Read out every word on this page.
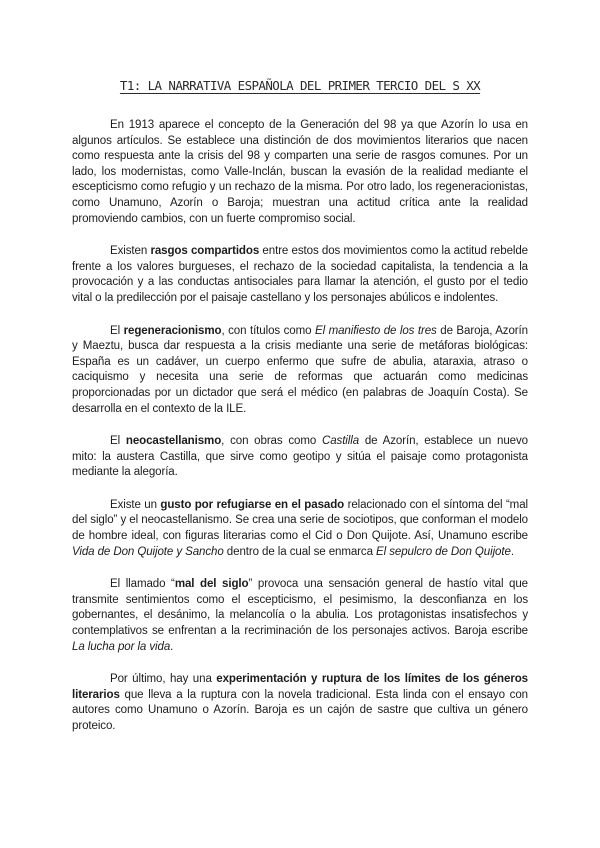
T1: LA NARRATIVA ESPAÑOLA DEL PRIMER TERCIO DEL S XX

En 1913 aparece el concepto de la Generación del 98 ya que Azorín lo usa en algunos artículos. Se establece una distinción de dos movimientos literarios que nacen como respuesta ante la crisis del 98 y comparten una serie de rasgos comunes. Por un lado, los modernistas, como Valle-Inclán, buscan la evasión de la realidad mediante el escepticismo como refugio y un rechazo de la misma. Por otro lado, los regeneracionistas, como Unamuno, Azorín o Baroja; muestran una actitud crítica ante la realidad promoviendo cambios, con un fuerte compromiso social.

Existen rasgos compartidos entre estos dos movimientos como la actitud rebelde frente a los valores burgueses, el rechazo de la sociedad capitalista, la tendencia a la provocación y a las conductas antisociales para llamar la atención, el gusto por el tedio vital o la predilección por el paisaje castellano y los personajes abúlicos e indolentes.

El regeneracionismo, con títulos como El manifiesto de los tres de Baroja, Azorín y Maeztu, busca dar respuesta a la crisis mediante una serie de metáforas biológicas: España es un cadáver, un cuerpo enfermo que sufre de abulia, ataraxia, atraso o caciquismo y necesita una serie de reformas que actuarán como medicinas proporcionadas por un dictador que será el médico (en palabras de Joaquín Costa). Se desarrolla en el contexto de la ILE.

El neocastellanismo, con obras como Castilla de Azorín, establece un nuevo mito: la austera Castilla, que sirve como geotipo y sitúa el paisaje como protagonista mediante la alegoría.

Existe un gusto por refugiarse en el pasado relacionado con el síntoma del “mal del siglo” y el neocastellanismo. Se crea una serie de sociotipos, que conforman el modelo de hombre ideal, con figuras literarias como el Cid o Don Quijote. Así, Unamuno escribe Vida de Don Quijote y Sancho dentro de la cual se enmarca El sepulcro de Don Quijote.

El llamado “mal del siglo” provoca una sensación general de hastío vital que transmite sentimientos como el escepticismo, el pesimismo, la desconfianza en los gobernantes, el desánimo, la melancolía o la abulia. Los protagonistas insatisfechos y contemplativos se enfrentan a la recriminación de los personajes activos. Baroja escribe La lucha por la vida.

Por último, hay una experimentación y ruptura de los límites de los géneros literarios que lleva a la ruptura con la novela tradicional. Esta linda con el ensayo con autores como Unamuno o Azorín. Baroja es un cajón de sastre que cultiva un género proteico.
